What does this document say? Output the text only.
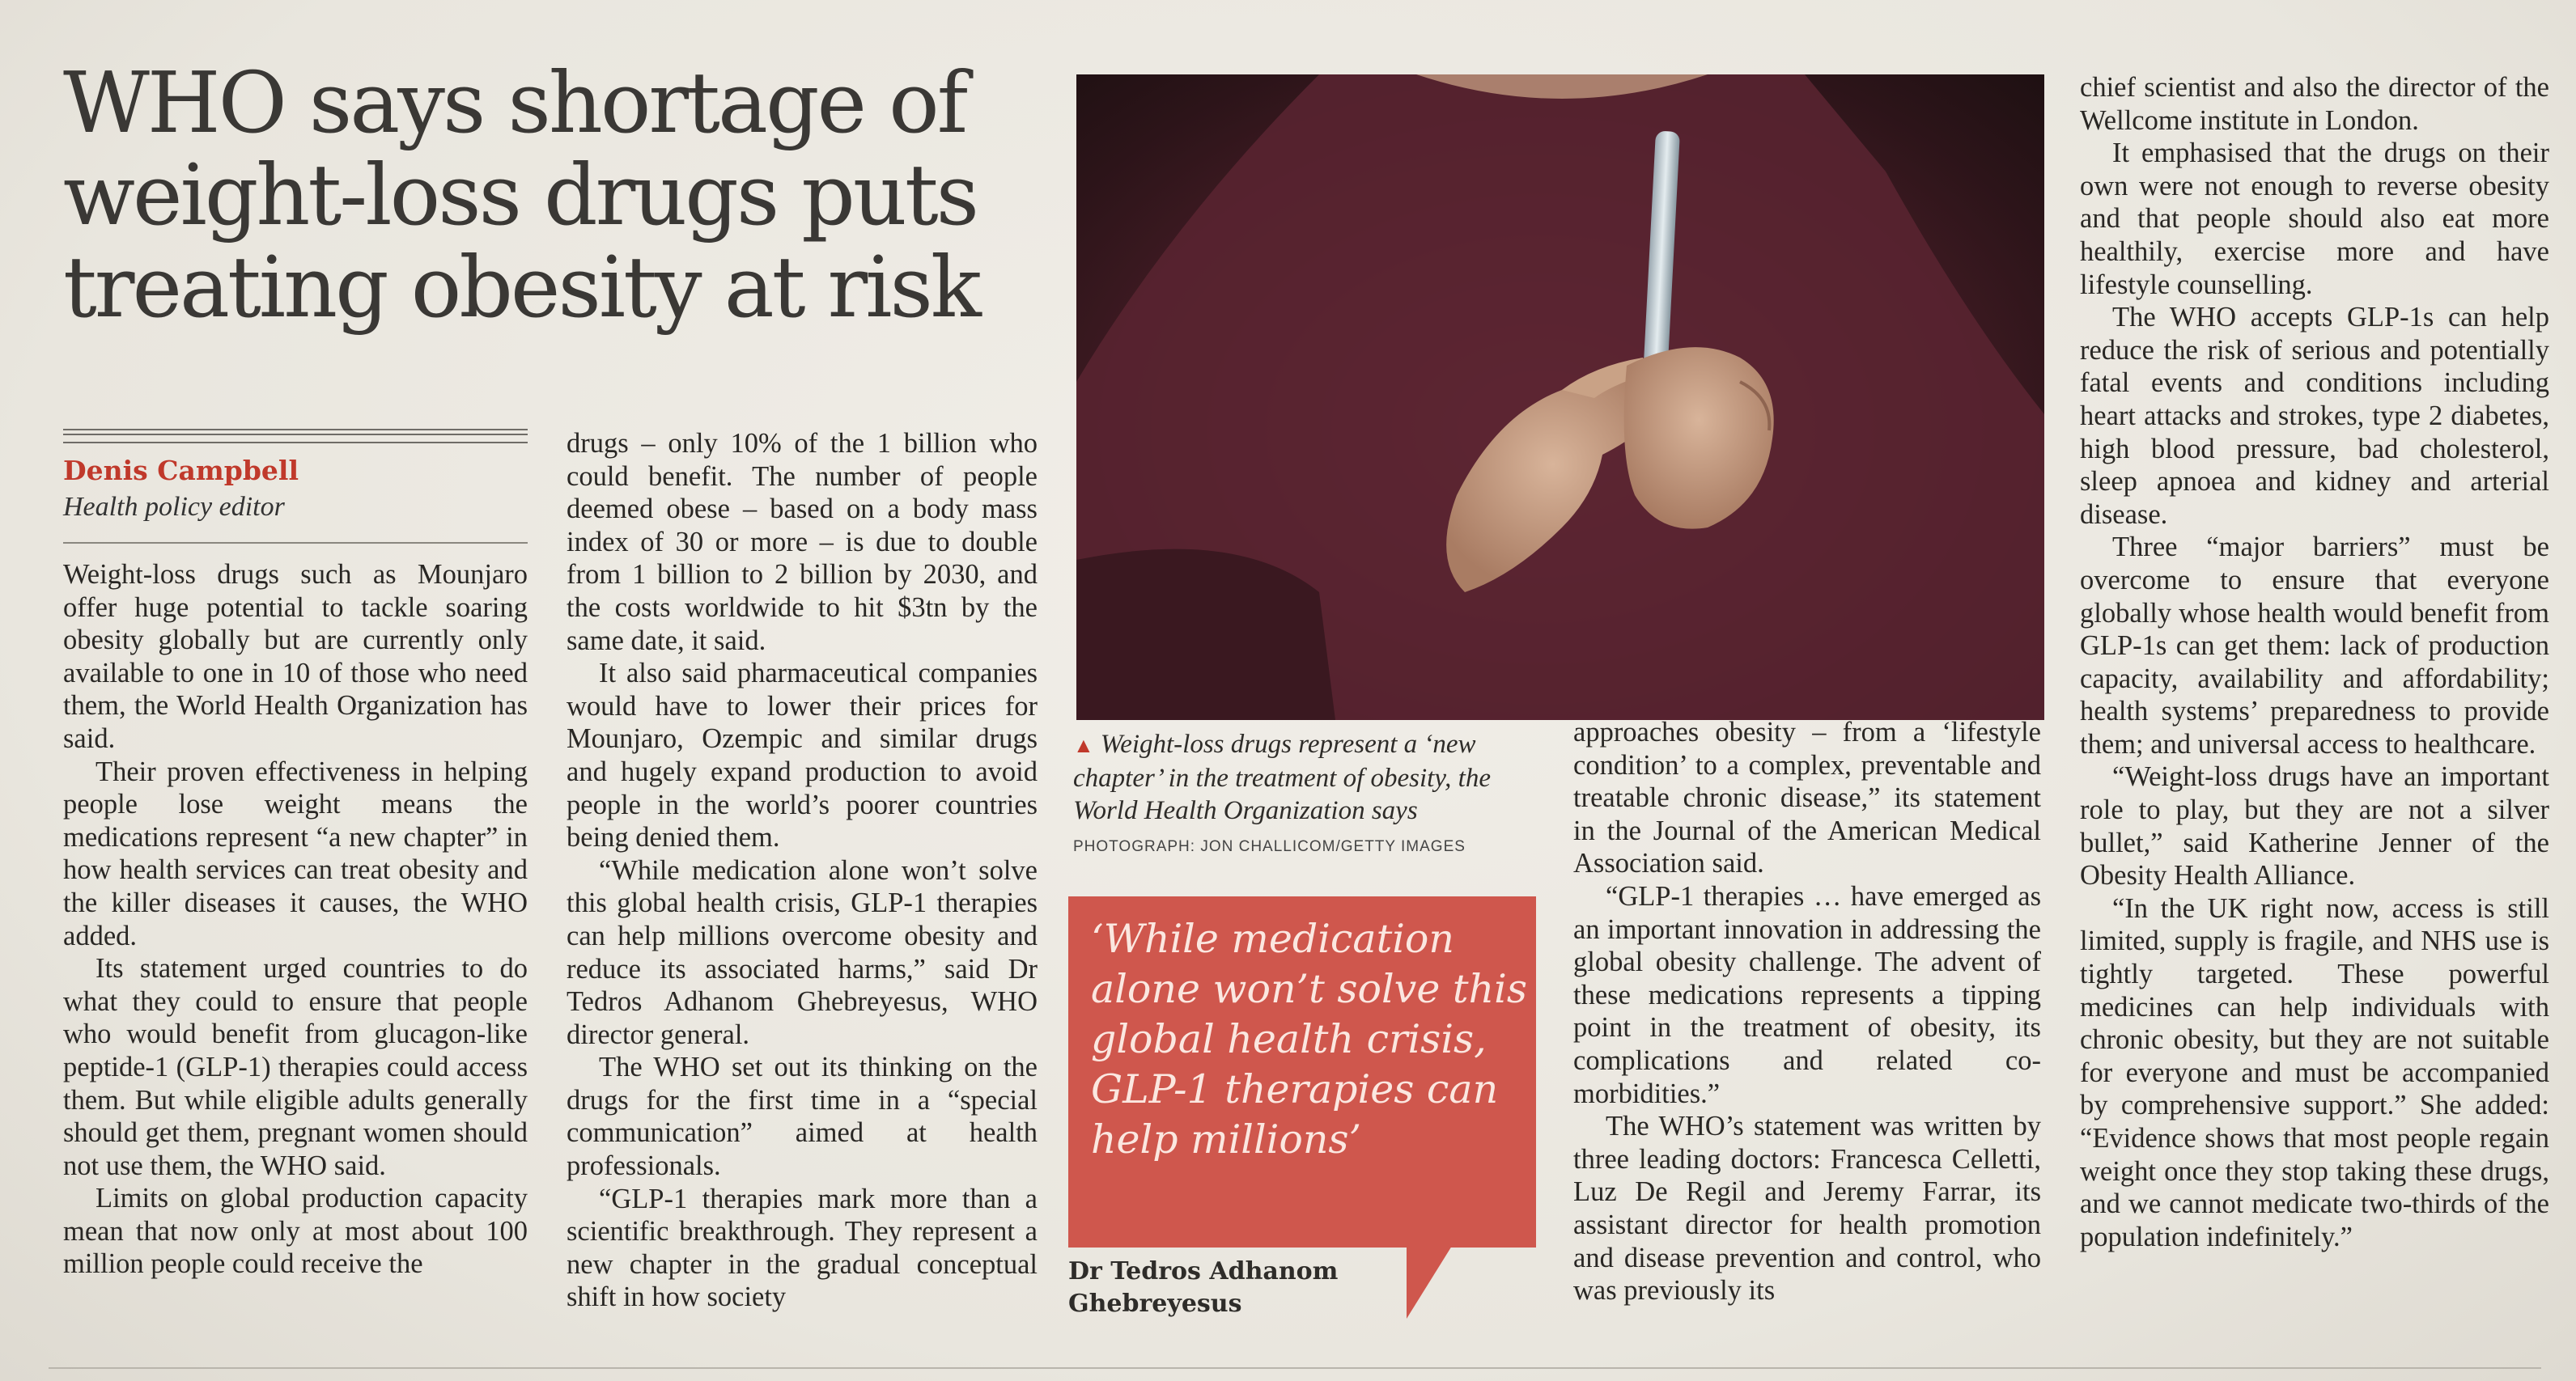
WHO says shortage of weight-loss drugs puts treating obesity at risk
Denis Campbell
Health policy editor

Weight-loss drugs such as Mounjaro offer huge potential to tackle soaring obesity globally but are currently only available to one in 10 of those who need them, the World Health Organization has said.

Their proven effectiveness in helping people lose weight means the medications represent “a new chapter” in how health services can treat obesity and the killer diseases it causes, the WHO added.

Its statement urged countries to do what they could to ensure that people who would benefit from glucagon-like peptide-1 (GLP-1) therapies could access them. But while eligible adults generally should get them, pregnant women should not use them, the WHO said.

Limits on global production capacity mean that now only at most about 100 million people could receive the

drugs – only 10% of the 1 billion who could benefit. The number of people deemed obese – based on a body mass index of 30 or more – is due to double from 1 billion to 2 billion by 2030, and the costs worldwide to hit $3tn by the same date, it said.

It also said pharmaceutical companies would have to lower their prices for Mounjaro, Ozempic and similar drugs and hugely expand production to avoid people in the world’s poorer countries being denied them.

“While medication alone won’t solve this global health crisis, GLP-1 therapies can help millions overcome obesity and reduce its associated harms,” said Dr Tedros Adhanom Ghebreyesus, WHO director general.

The WHO set out its thinking on the drugs for the first time in a “special communication” aimed at health professionals.

“GLP-1 therapies mark more than a scientific breakthrough. They represent a new chapter in the gradual conceptual shift in how society

▲ Weight-loss drugs represent a ‘new chapter’ in the treatment of obesity, the World Health Organization says
PHOTOGRAPH: JON CHALLICOM/GETTY IMAGES
‘While medication alone won’t solve this global health crisis, GLP-1 therapies can help millions’
Dr Tedros Adhanom Ghebreyesus

approaches obesity – from a ‘lifestyle condition’ to a complex, preventable and treatable chronic disease,” its statement in the Journal of the American Medical Association said.

“GLP-1 therapies … have emerged as an important innovation in addressing the global obesity challenge. The advent of these medications represents a tipping point in the treatment of obesity, its complications and related co-morbidities.”

The WHO’s statement was written by three leading doctors: Francesca Celletti, Luz De Regil and Jeremy Farrar, its assistant director for health promotion and disease prevention and control, who was previously its

chief scientist and also the director of the Wellcome institute in London.

It emphasised that the drugs on their own were not enough to reverse obesity and that people should also eat more healthily, exercise more and have lifestyle counselling.

The WHO accepts GLP-1s can help reduce the risk of serious and potentially fatal events and conditions including heart attacks and strokes, type 2 diabetes, high blood pressure, bad cholesterol, sleep apnoea and kidney and arterial disease.

Three “major barriers” must be overcome to ensure that everyone globally whose health would benefit from GLP-1s can get them: lack of production capacity, availability and affordability; health systems’ preparedness to provide them; and universal access to healthcare.

“Weight-loss drugs have an important role to play, but they are not a silver bullet,” said Katherine Jenner of the Obesity Health Alliance.

“In the UK right now, access is still limited, supply is fragile, and NHS use is tightly targeted. These powerful medicines can help individuals with chronic obesity, but they are not suitable for everyone and must be accompanied by comprehensive support.” She added: “Evidence shows that most people regain weight once they stop taking these drugs, and we cannot medicate two-thirds of the population indefinitely.”
